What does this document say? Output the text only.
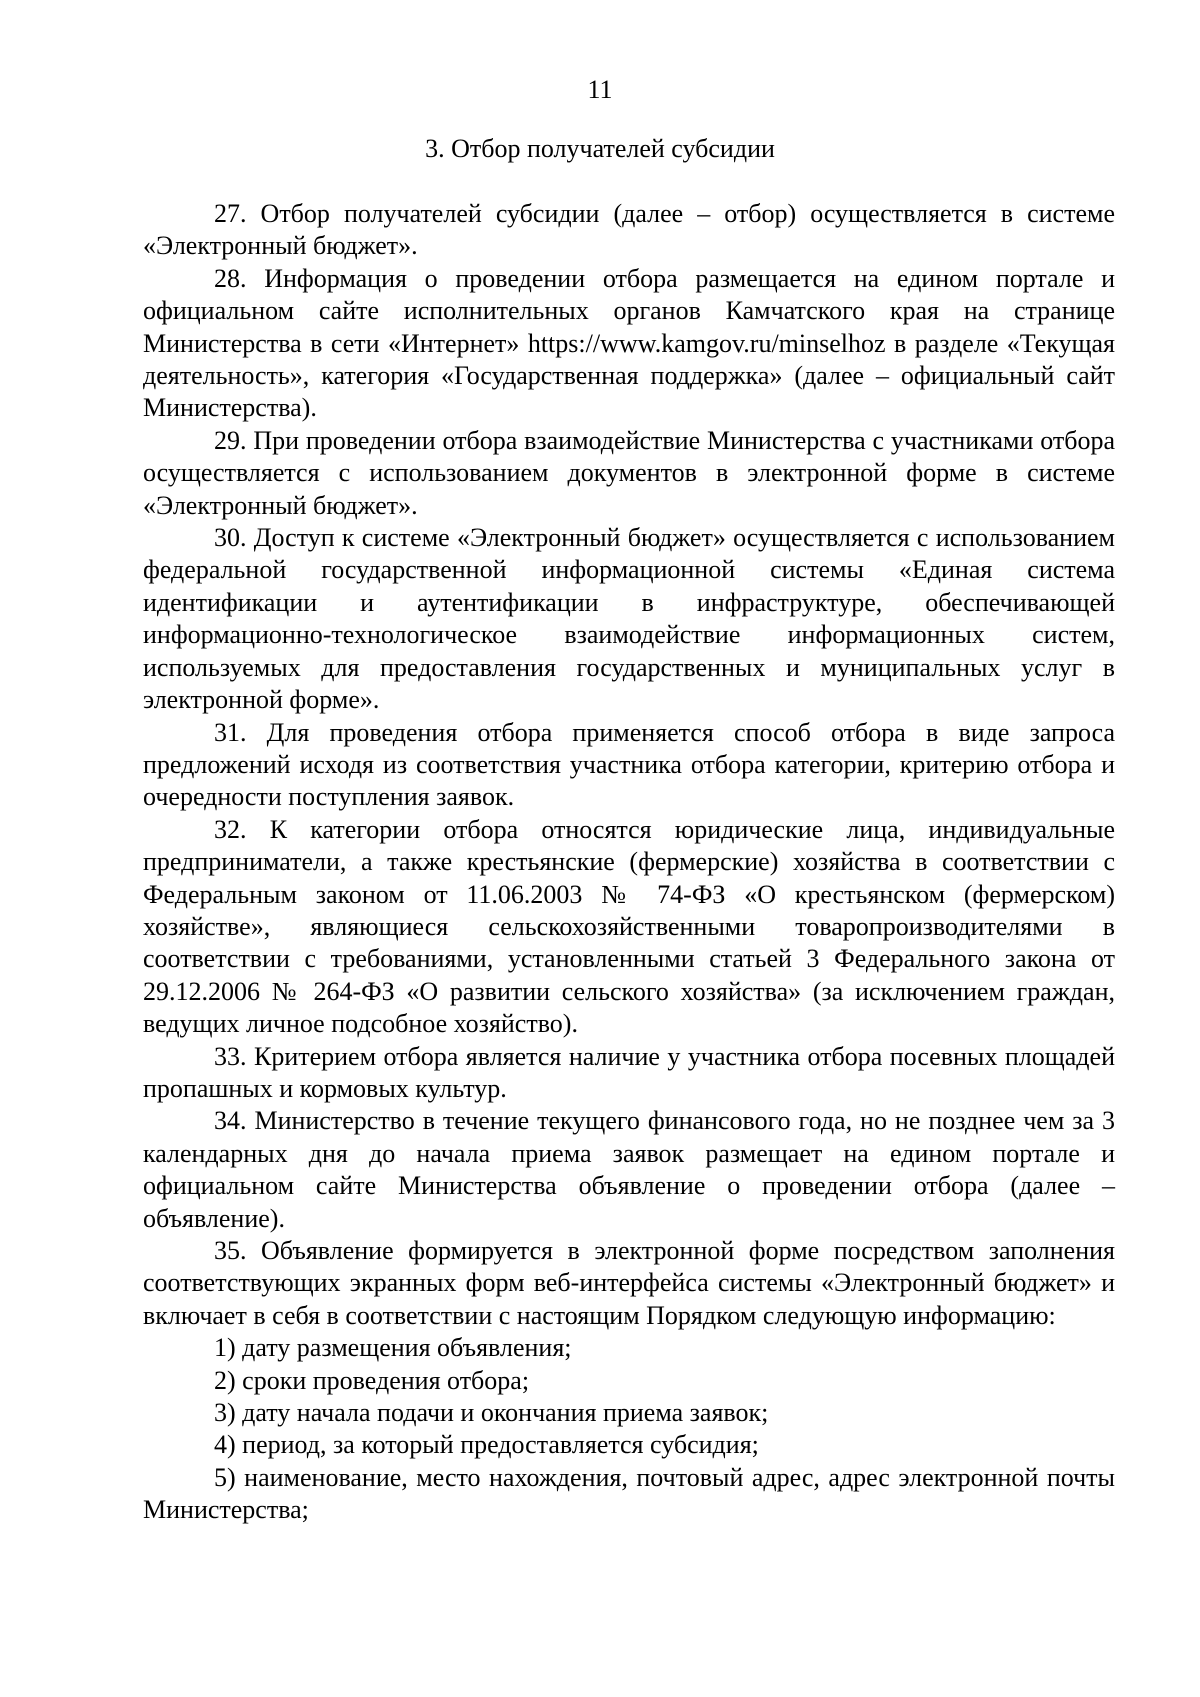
11
3. Отбор получателей субсидии

27. Отбор получателей субсидии (далее – отбор) осуществляется в системе «Электронный бюджет».

28. Информация о проведении отбора размещается на едином портале и официальном сайте исполнительных органов Камчатского края на странице Министерства в сети «Интернет» https://www.kamgov.ru/minselhoz в разделе «Текущая деятельность», категория «Государственная поддержка» (далее – официальный сайт Министерства).

29. При проведении отбора взаимодействие Министерства с участниками отбора осуществляется с использованием документов в электронной форме в системе «Электронный бюджет».

30. Доступ к системе «Электронный бюджет» осуществляется с использованием федеральной государственной информационной системы «Единая система идентификации и аутентификации в инфраструктуре, обеспечивающей информационно-технологическое взаимодействие информационных систем, используемых для предоставления государственных и муниципальных услуг в электронной форме».

31. Для проведения отбора применяется способ отбора в виде запроса предложений исходя из соответствия участника отбора категории, критерию отбора и очередности поступления заявок.

32. К категории отбора относятся юридические лица, индивидуальные предприниматели, а также крестьянские (фермерские) хозяйства в соответствии с Федеральным законом от 11.06.2003 № 74-ФЗ «О крестьянском (фермерском) хозяйстве», являющиеся сельскохозяйственными товаропроизводителями в соответствии с требованиями, установленными статьей 3 Федерального закона от 29.12.2006 № 264-ФЗ «О развитии сельского хозяйства» (за исключением граждан, ведущих личное подсобное хозяйство).

33. Критерием отбора является наличие у участника отбора посевных площадей пропашных и кормовых культур.

34. Министерство в течение текущего финансового года, но не позднее чем за 3 календарных дня до начала приема заявок размещает на едином портале и официальном сайте Министерства объявление о проведении отбора (далее – объявление).

35. Объявление формируется в электронной форме посредством заполнения соответствующих экранных форм веб-интерфейса системы «Электронный бюджет» и включает в себя в соответствии с настоящим Порядком следующую информацию:

1) дату размещения объявления;

2) сроки проведения отбора;

3) дату начала подачи и окончания приема заявок;

4) период, за который предоставляется субсидия;

5) наименование, место нахождения, почтовый адрес, адрес электронной почты Министерства;
